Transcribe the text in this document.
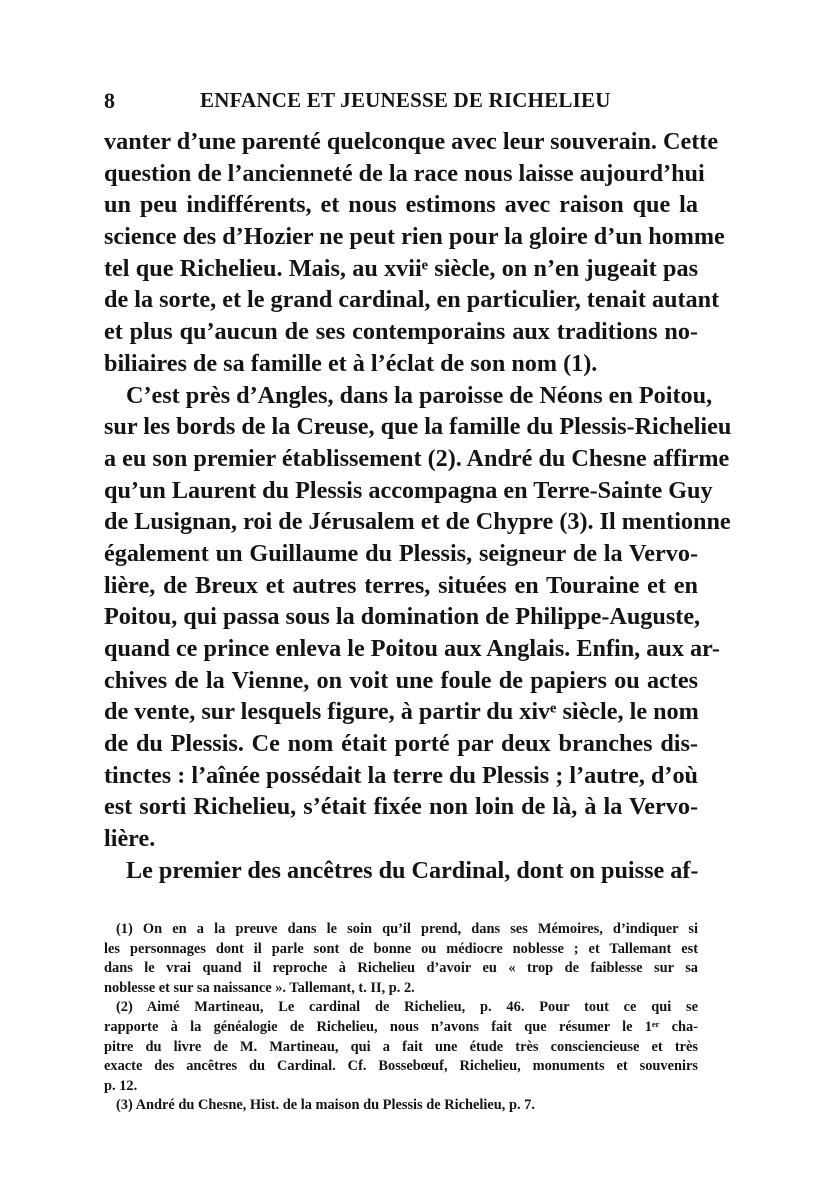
8	ENFANCE ET JEUNESSE DE RICHELIEU
vanter d’une parenté quelconque avec leur souverain. Cette
question de l’ancienneté de la race nous laisse aujourd’hui
un peu indifférents, et nous estimons avec raison que la
science des d’Hozier ne peut rien pour la gloire d’un homme
tel que Richelieu. Mais, au xviiᵉ siècle, on n’en jugeait pas
de la sorte, et le grand cardinal, en particulier, tenait autant
et plus qu’aucun de ses contemporains aux traditions no-
biliaires de sa famille et à l’éclat de son nom (1).
C’est près d’Angles, dans la paroisse de Néons en Poitou,
sur les bords de la Creuse, que la famille du Plessis-Richelieu
a eu son premier établissement (2). André du Chesne affirme
qu’un Laurent du Plessis accompagna en Terre-Sainte Guy
de Lusignan, roi de Jérusalem et de Chypre (3). Il mentionne
également un Guillaume du Plessis, seigneur de la Vervo-
lière, de Breux et autres terres, situées en Touraine et en
Poitou, qui passa sous la domination de Philippe-Auguste,
quand ce prince enleva le Poitou aux Anglais. Enfin, aux ar-
chives de la Vienne, on voit une foule de papiers ou actes
de vente, sur lesquels figure, à partir du xivᵉ siècle, le nom
de du Plessis. Ce nom était porté par deux branches dis-
tinctes : l’aînée possédait la terre du Plessis ; l’autre, d’où
est sorti Richelieu, s’était fixée non loin de là, à la Vervo-
lière.
Le premier des ancêtres du Cardinal, dont on puisse af-
(1) On en a la preuve dans le soin qu’il prend, dans ses Mémoires, d’indiquer si
les personnages dont il parle sont de bonne ou médiocre noblesse ; et Tallemant est
dans le vrai quand il reproche à Richelieu d’avoir eu « trop de faiblesse sur sa
noblesse et sur sa naissance ». Tallemant, t. II, p. 2.
(2) Aimé Martineau, Le cardinal de Richelieu, p. 46. Pour tout ce qui se
rapporte à la généalogie de Richelieu, nous n’avons fait que résumer le 1ᵉʳ cha-
pitre du livre de M. Martineau, qui a fait une étude très consciencieuse et très
exacte des ancêtres du Cardinal. Cf. Bossebœuf, Richelieu, monuments et souvenirs
p. 12.
(3) André du Chesne, Hist. de la maison du Plessis de Richelieu, p. 7.
